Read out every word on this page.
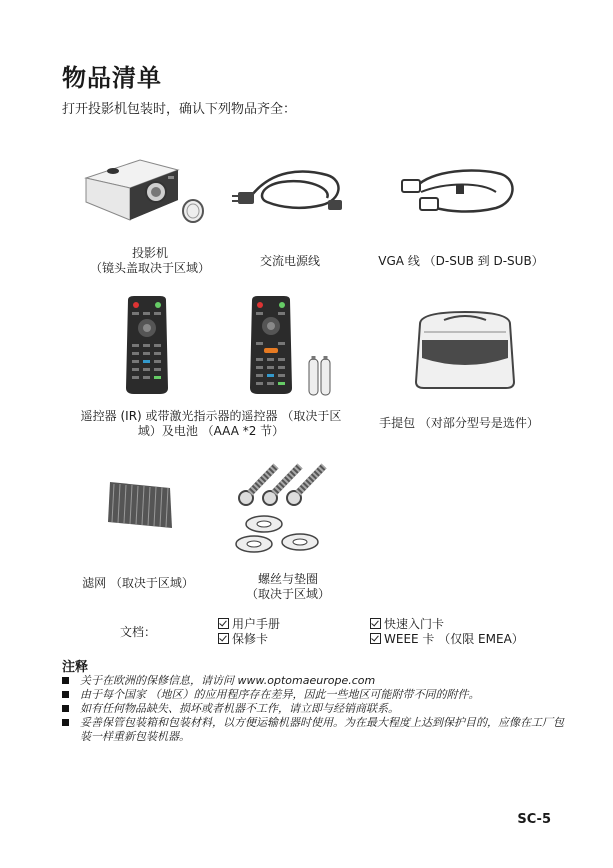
物品清单
打开投影机包装时，确认下列物品齐全：
投影机
（镜头盖取决于区域）	交流电源线	VGA 线 （D-SUB 到 D-SUB）
遥控器 (IR) 或带激光指示器的遥控器 （取决于区
域）及电池 （AAA *2 节）
手提包 （对部分型号是选件）
滤网 （取决于区域）	螺丝与垫圈
（取决于区域）
文档：
用户手册
保修卡
快速入门卡
WEEE 卡 （仅限 EMEA）
注释
关于在欧洲的保修信息，请访问 www.optomaeurope.com
由于每个国家 （地区）的应用程序存在差异，因此一些地区可能附带不同的附件。
如有任何物品缺失、损坏或者机器不工作，请立即与经销商联系。
妥善保管包装箱和包装材料，以方便运输机器时使用。为在最大程度上达到保护目的，应像在工厂包装一样重新包装机器。
SC-5
